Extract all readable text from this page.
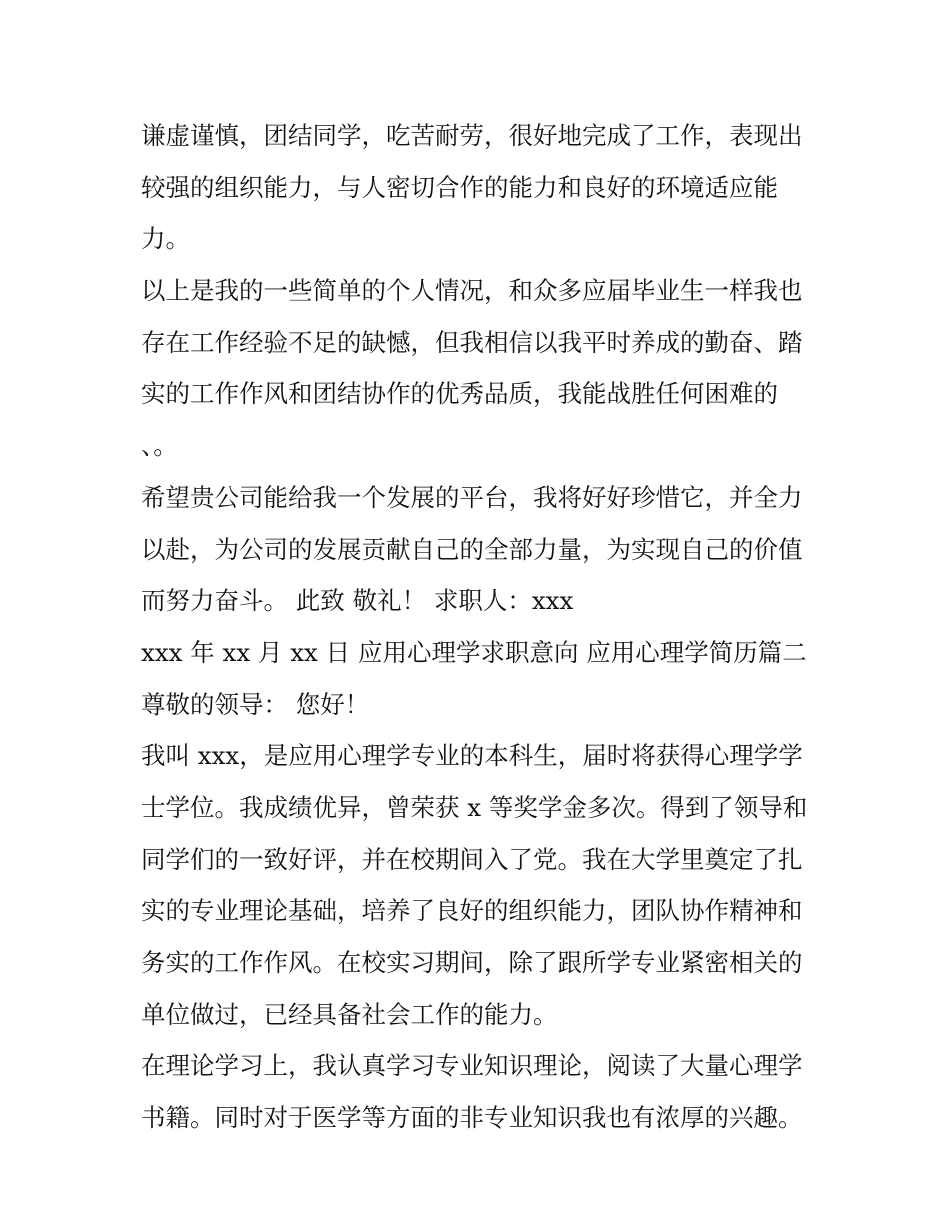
谦虚谨慎，团结同学，吃苦耐劳，很好地完成了工作，表现出
较强的组织能力，与人密切合作的能力和良好的环境适应能
力。
以上是我的一些简单的个人情况，和众多应届毕业生一样我也
存在工作经验不足的缺憾，但我相信以我平时养成的勤奋、踏
实的工作作风和团结协作的优秀品质，我能战胜任何困难的
、。
希望贵公司能给我一个发展的平台，我将好好珍惜它，并全力
以赴，为公司的发展贡献自己的全部力量，为实现自己的价值
而努力奋斗。 此致 敬礼！ 求职人：xxx
xxx 年 xx 月 xx 日 应用心理学求职意向 应用心理学简历篇二
尊敬的领导： 您好！
我叫 xxx，是应用心理学专业的本科生，届时将获得心理学学
士学位。我成绩优异，曾荣获 x 等奖学金多次。得到了领导和
同学们的一致好评，并在校期间入了党。我在大学里奠定了扎
实的专业理论基础，培养了良好的组织能力，团队协作精神和
务实的工作作风。在校实习期间，除了跟所学专业紧密相关的
单位做过，已经具备社会工作的能力。
在理论学习上，我认真学习专业知识理论，阅读了大量心理学
书籍。同时对于医学等方面的非专业知识我也有浓厚的兴趣。
